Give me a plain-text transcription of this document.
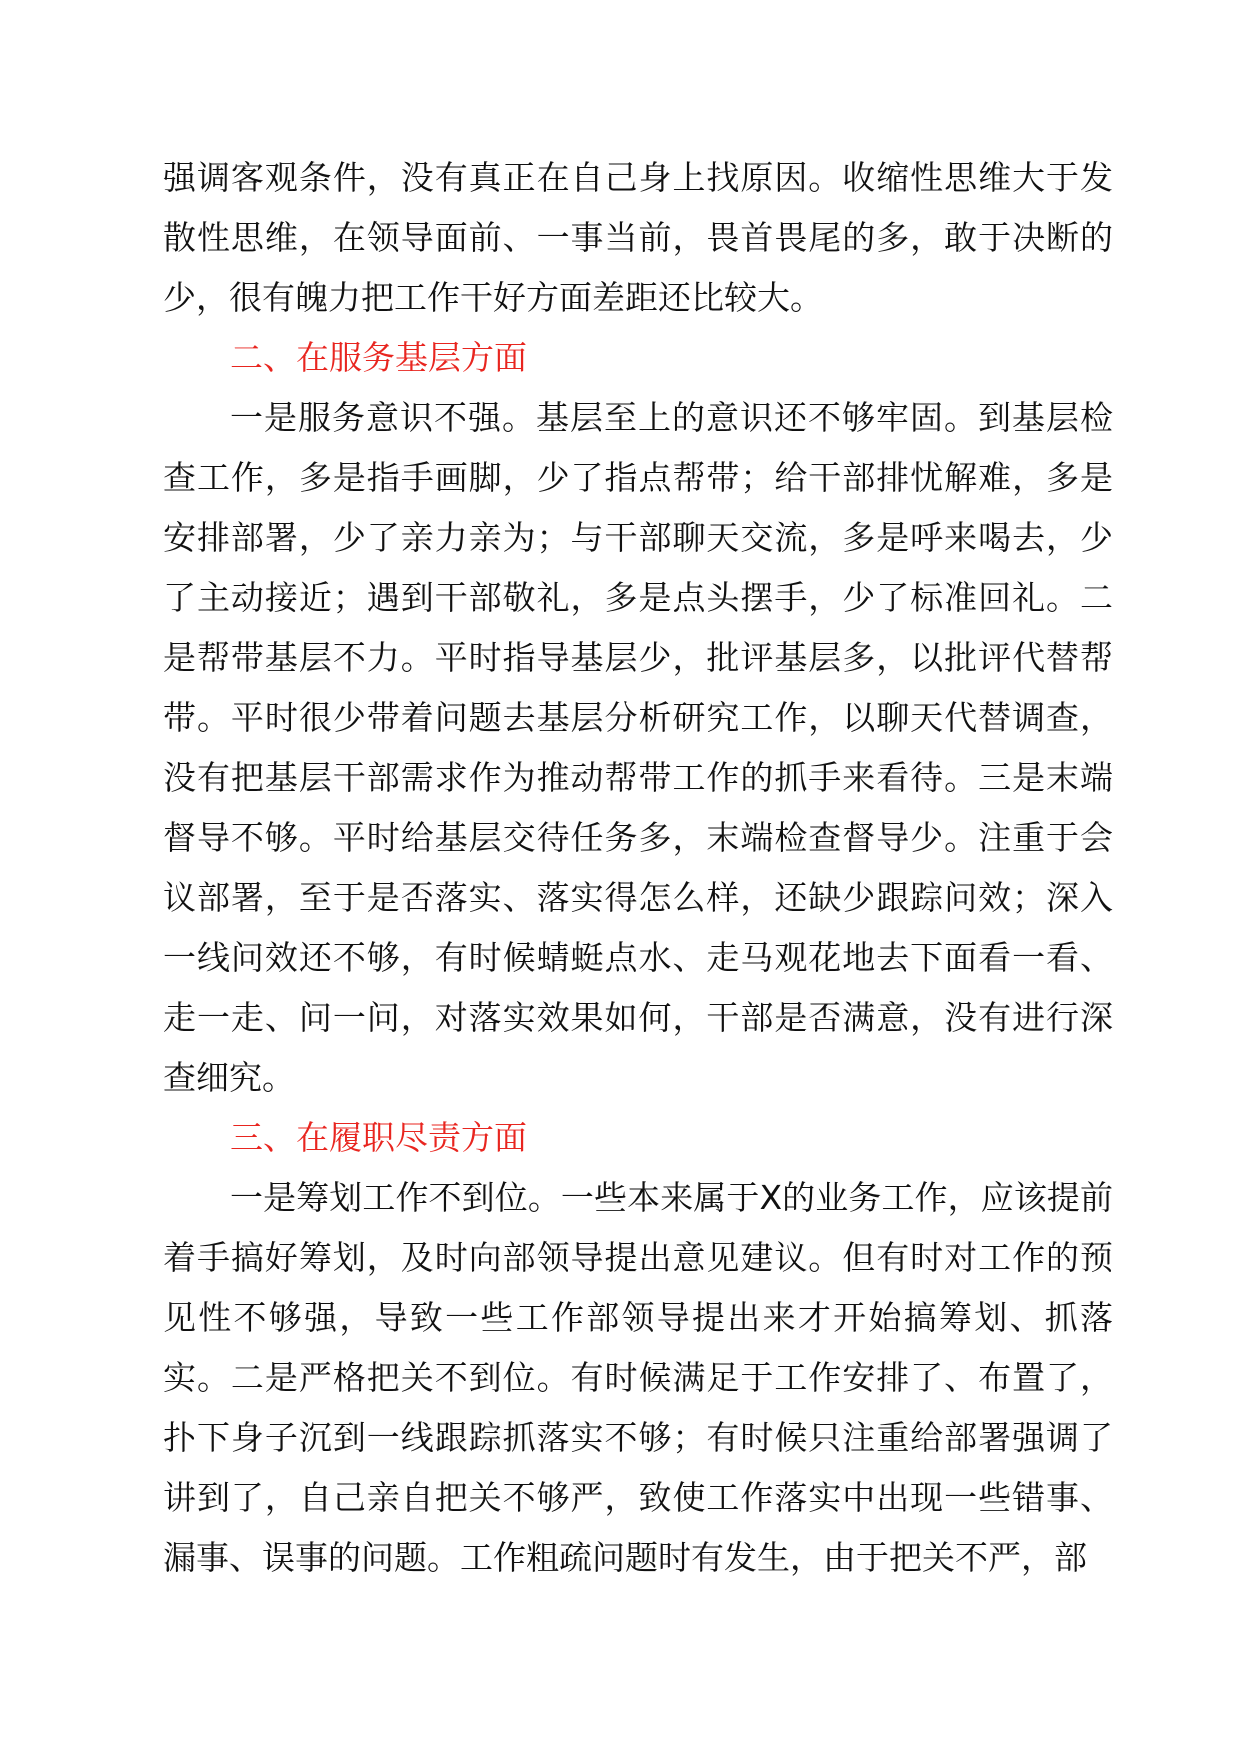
强调客观条件，没有真正在自己身上找原因。收缩性思维大于发散性思维，在领导面前、一事当前，畏首畏尾的多，敢于决断的少，很有魄力把工作干好方面差距还比较大。

二、在服务基层方面

一是服务意识不强。基层至上的意识还不够牢固。到基层检查工作，多是指手画脚，少了指点帮带；给干部排忧解难，多是安排部署，少了亲力亲为；与干部聊天交流，多是呼来喝去，少了主动接近；遇到干部敬礼，多是点头摆手，少了标准回礼。二是帮带基层不力。平时指导基层少，批评基层多，以批评代替帮带。平时很少带着问题去基层分析研究工作，以聊天代替调查，没有把基层干部需求作为推动帮带工作的抓手来看待。三是末端督导不够。平时给基层交待任务多，末端检查督导少。注重于会议部署，至于是否落实、落实得怎么样，还缺少跟踪问效；深入一线问效还不够，有时候蜻蜓点水、走马观花地去下面看一看、走一走、问一问，对落实效果如何，干部是否满意，没有进行深查细究。

三、在履职尽责方面

一是筹划工作不到位。一些本来属于X的业务工作，应该提前着手搞好筹划，及时向部领导提出意见建议。但有时对工作的预见性不够强，导致一些工作部领导提出来才开始搞筹划、抓落实。二是严格把关不到位。有时候满足于工作安排了、布置了，扑下身子沉到一线跟踪抓落实不够；有时候只注重给部署强调了讲到了，自己亲自把关不够严，致使工作落实中出现一些错事、漏事、误事的问题。工作粗疏问题时有发生，由于把关不严，部
